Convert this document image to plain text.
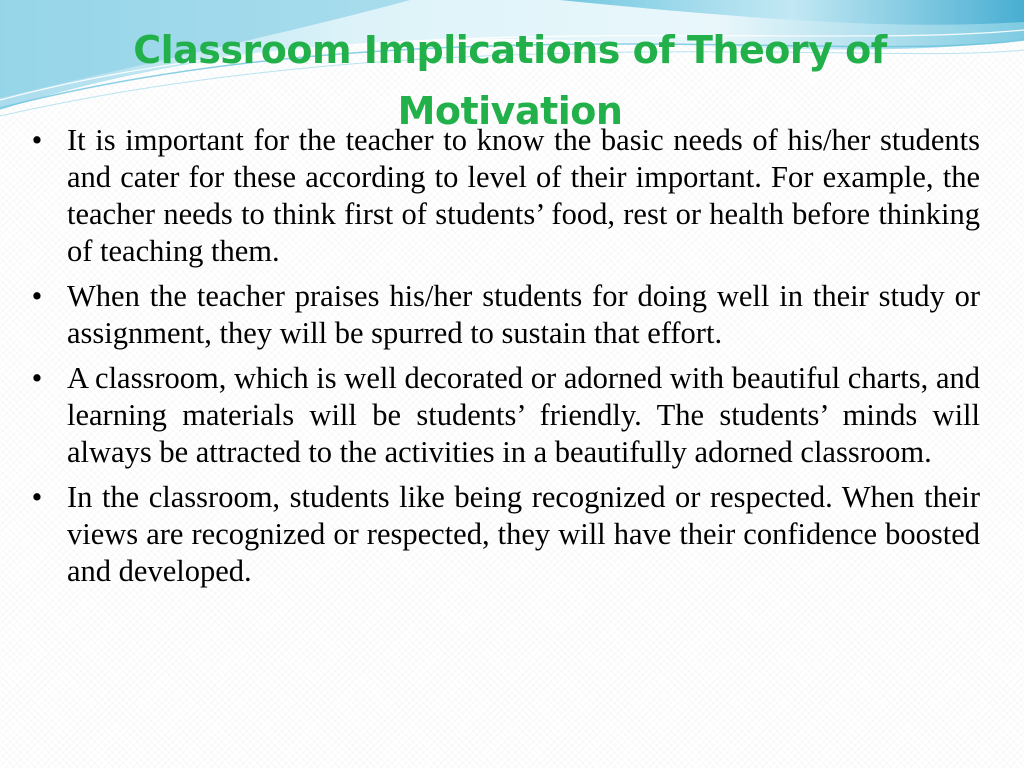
Classroom Implications of Theory of Motivation
• It is important for the teacher to know the basic needs of his/her students and cater for these according to level of their important. For example, the teacher needs to think first of students’ food, rest or health before thinking of teaching them.
• When the teacher praises his/her students for doing well in their study or assignment, they will be spurred to sustain that effort.
• A classroom, which is well decorated or adorned with beautiful charts, and learning materials will be students’ friendly. The students’ minds will always be attracted to the activities in a beautifully adorned classroom.
• In the classroom, students like being recognized or respected. When their views are recognized or respected, they will have their confidence boosted and developed.
